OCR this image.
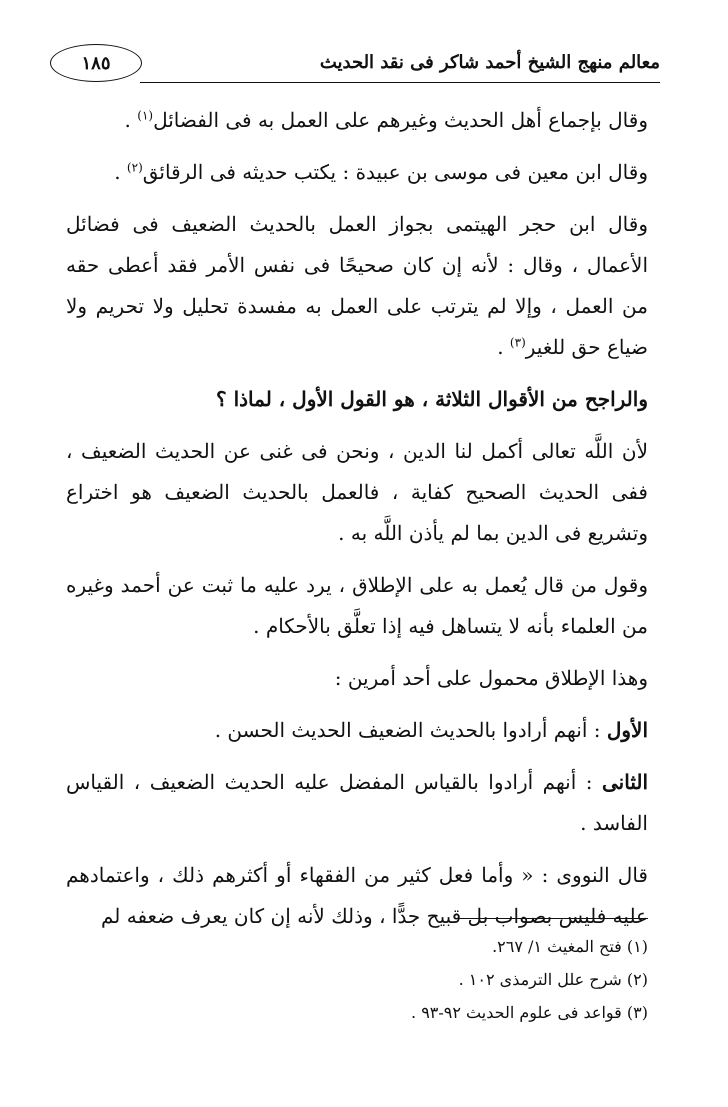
١٨٥	معالم منهج الشيخ أحمد شاكر فى نقد الحديث

وقال بإجماع أهل الحديث وغيرهم على العمل به فى الفضائل$^{(١)}$ .

وقال ابن معين فى موسى بن عبيدة : يكتب حديثه فى الرقائق$^{(٢)}$ .

وقال ابن حجر الهيتمى بجواز العمل بالحديث الضعيف فى فضائل الأعمال ، وقال : لأنه إن كان صحيحًا فى نفس الأمر فقد أعطى حقه من العمل ، وإلا لم يترتب على العمل به مفسدة تحليل ولا تحريم ولا ضياع حق للغير$^{(٣)}$ .

والراجح من الأقوال الثلاثة ، هو القول الأول ، لماذا ؟

لأن اللَّه تعالى أكمل لنا الدين ، ونحن فى غنى عن الحديث الضعيف ، ففى الحديث الصحيح كفاية ، فالعمل بالحديث الضعيف هو اختراع وتشريع فى الدين بما لم يأذن اللَّه به .

وقول من قال يُعمل به على الإطلاق ، يرد عليه ما ثبت عن أحمد وغيره من العلماء بأنه لا يتساهل فيه إذا تعلَّق بالأحكام .

وهذا الإطلاق محمول على أحد أمرين :

الأول : أنهم أرادوا بالحديث الضعيف الحديث الحسن .

الثانى : أنهم أرادوا بالقياس المفضل عليه الحديث الضعيف ، القياس الفاسد .

قال النووى : « وأما فعل كثير من الفقهاء أو أكثرهم ذلك ، واعتمادهم عليه فليس بصواب بل قبيح جدًّا ، وذلك لأنه إن كان يعرف ضعفه لم

(١) فتح المغيث ١/ ٢٦٧.
(٢) شرح علل الترمذى ١٠٢ .
(٣) قواعد فى علوم الحديث ٩٢-٩٣ .
